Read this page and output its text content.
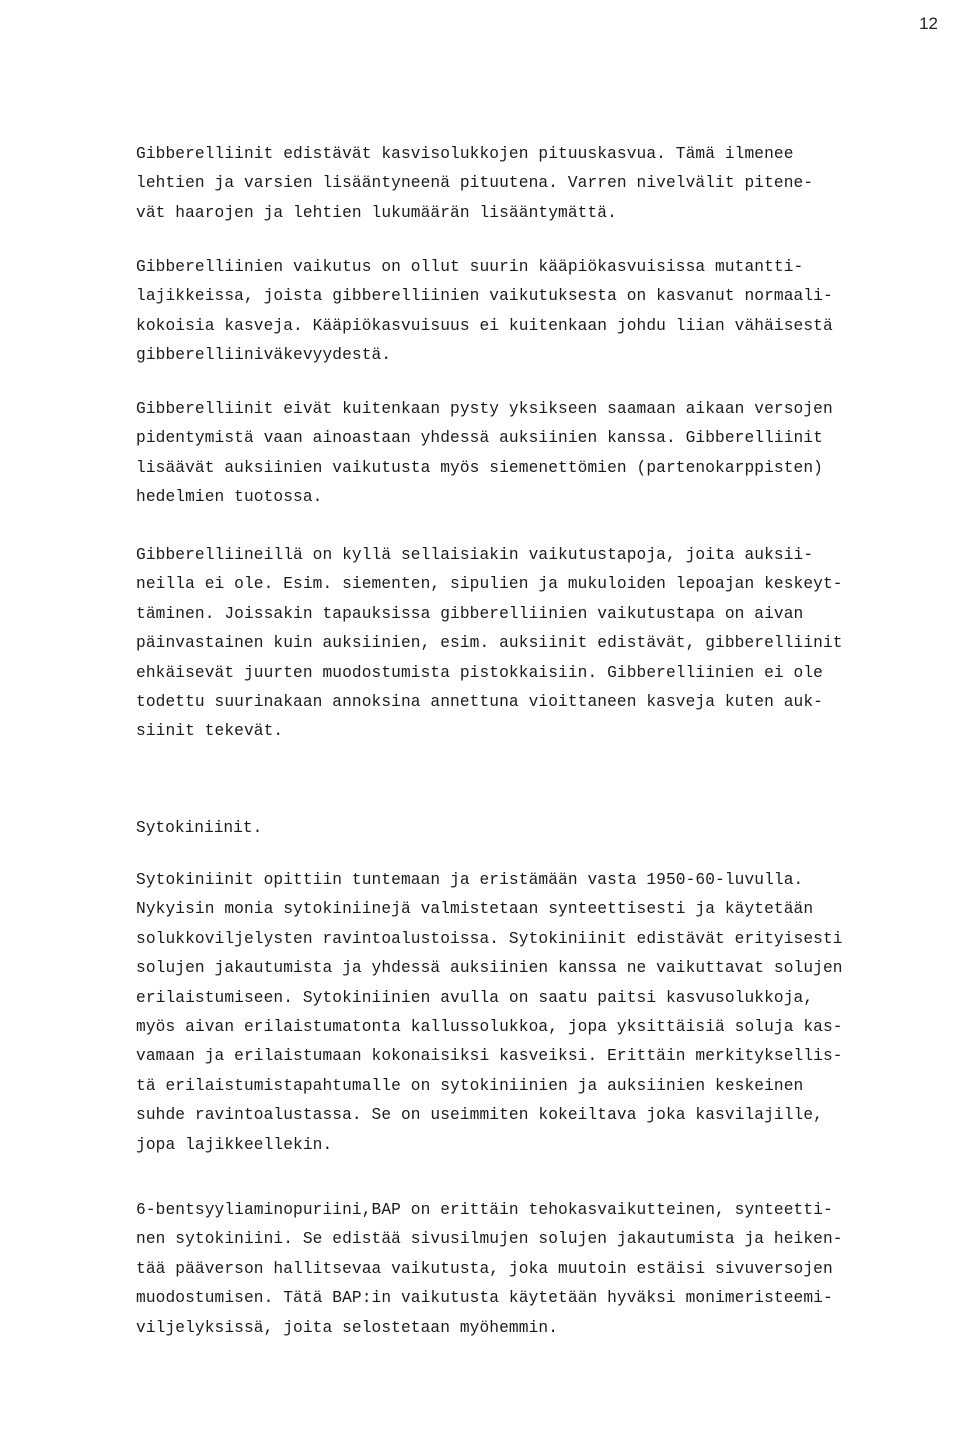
12
Gibberelliinit edistävät kasvisolukkojen pituuskasvua. Tämä ilmenee
lehtien ja varsien lisääntyneenä pituutena. Varren nivelvälit pitene-
vät haarojen ja lehtien lukumäärän lisääntymättä.
Gibberelliinien vaikutus on ollut suurin kääpiökasvuisissa mutantti-
lajikkeissa, joista gibberelliinien vaikutuksesta on kasvanut normaali-
kokoisia kasveja. Kääpiökasvuisuus ei kuitenkaan johdu liian vähäisestä
gibberelliiniväkevyydestä.
Gibberelliinit eivät kuitenkaan pysty yksikseen saamaan aikaan versojen
pidentymistä vaan ainoastaan yhdessä auksiinien kanssa. Gibberelliinit
lisäävät auksiinien vaikutusta myös siemenettömien (partenokarppisten)
hedelmien tuotossa.
Gibberelliineillä on kyllä sellaisiakin vaikutustapoja, joita auksii-
neilla ei ole. Esim. siementen, sipulien ja mukuloiden lepoajan keskeyt-
täminen. Joissakin tapauksissa gibberelliinien vaikutustapa on aivan
päinvastainen kuin auksiinien, esim. auksiinit edistävät, gibberelliinit
ehkäisevät juurten muodostumista pistokkaisiin. Gibberelliinien ei ole
todettu suurinakaan annoksina annettuna vioittaneen kasveja kuten auk-
siinit tekevät.
Sytokiniinit.
Sytokiniinit opittiin tuntemaan ja eristämään vasta 1950-60-luvulla.
Nykyisin monia sytokiniinejä valmistetaan synteettisesti ja käytetään
solukkoviljelysten ravintoalustoissa. Sytokiniinit edistävät erityisesti
solujen jakautumista ja yhdessä auksiinien kanssa ne vaikuttavat solujen
erilaistumiseen. Sytokiniinien avulla on saatu paitsi kasvusolukkoja,
myös aivan erilaistumatonta kallussolukkoa, jopa yksittäisiä soluja kas-
vamaan ja erilaistumaan kokonaisiksi kasveiksi. Erittäin merkityksellis-
tä erilaistumistapahtumalle on sytokiniinien ja auksiinien keskeinen
suhde ravintoalustassa. Se on useimmiten kokeiltava joka kasvilajille,
jopa lajikkeellekin.
6-bentsyyliaminopuriini,BAP on erittäin tehokasvaikutteinen, synteetti-
nen sytokiniini. Se edistää sivusilmujen solujen jakautumista ja heiken-
tää pääverson hallitsevaa vaikutusta, joka muutoin estäisi sivuversojen
muodostumisen. Tätä BAP:in vaikutusta käytetään hyväksi monimeristeemi-
viljelyksissä, joita selostetaan myöhemmin.
